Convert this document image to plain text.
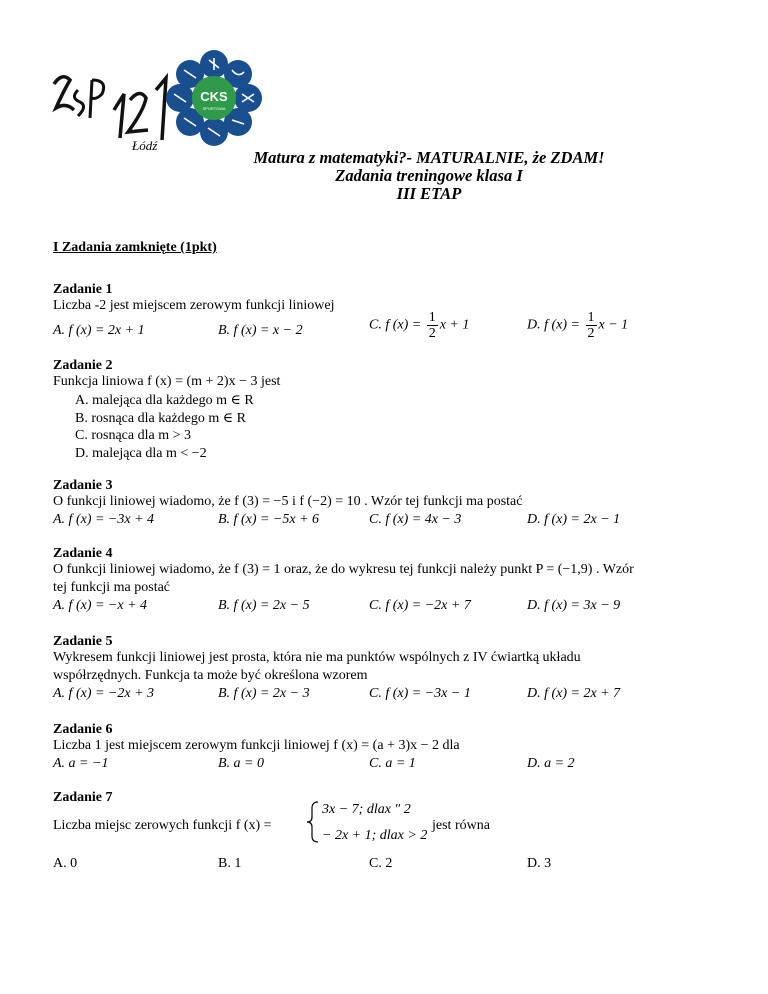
Łódź
CKS
SPORTOWA
Matura z matematyki?- MATURALNIE, że ZDAM!
Zadania treningowe klasa I
III ETAP
I Zadania zamknięte (1pkt)
Zadanie 1
Liczba -2 jest miejscem zerowym funkcji liniowej
A. f (x) = 2x + 1	B. f (x) = x − 2	C. f $(x) = \frac{1}{2}$ x + 1	D. f $(x) = \frac{1}{2}$ x − 1
Zadanie 2
Funkcja liniowa f (x) = (m + 2)x − 3 jest
A. malejąca dla każdego m ∈ R
B. rosnąca dla każdego m ∈ R
C. rosnąca dla m > 3
D. malejąca dla m < −2
Zadanie 3
O funkcji liniowej wiadomo, że f (3) = −5 i f (−2) = 10 . Wzór tej funkcji ma postać
A. f (x) = −3x + 4	B. f (x) = −5x + 6	C. f (x) = 4x − 3	D. f (x) = 2x − 1
Zadanie 4
O funkcji liniowej wiadomo, że f (3) = 1 oraz, że do wykresu tej funkcji należy punkt P = (−1,9) . Wzór
tej funkcji ma postać
A. f (x) = −x + 4	B. f (x) = 2x − 5	C. f (x) = −2x + 7	D. f (x) = 3x − 9
Zadanie 5
Wykresem funkcji liniowej jest prosta, która nie ma punktów wspólnych z IV ćwiartką układu
współrzędnych. Funkcja ta może być określona wzorem
A. f (x) = −2x + 3	B. f (x) = 2x − 3	C. f (x) = −3x − 1	D. f (x) = 2x + 7
Zadanie 6
Liczba 1 jest miejscem zerowym funkcji liniowej f (x) = (a + 3)x − 2 dla
A. a = −1	B. a = 0	C. a = 1	D. a = 2
Zadanie 7
Liczba miejsc zerowych funkcji f (x) =
3x − 7; dlax ″ 2
− 2x + 1; dlax > 2
jest równa
A. 0	B. 1	C. 2	D. 3
